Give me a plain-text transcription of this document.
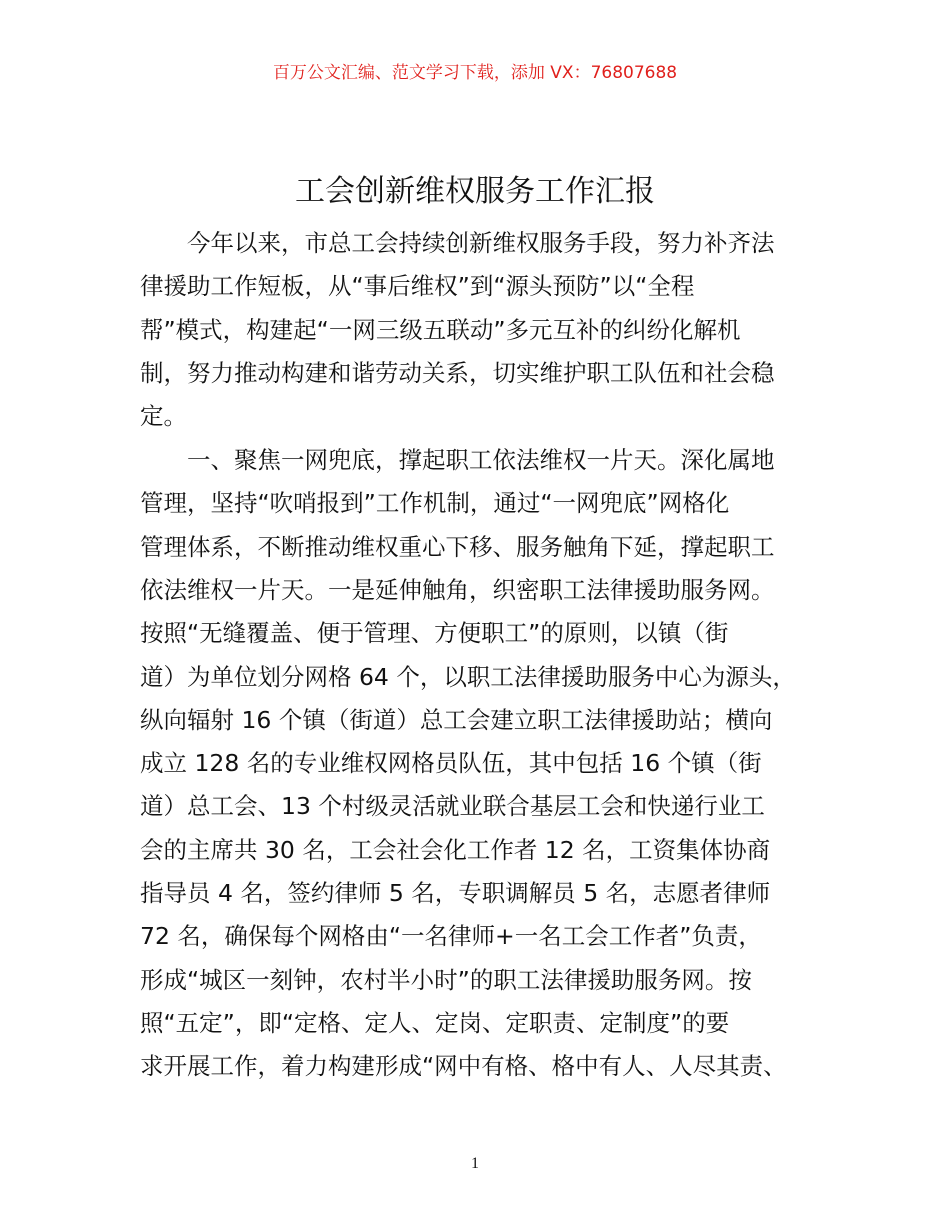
百万公文汇编、范文学习下载，添加 VX：76807688
工会创新维权服务工作汇报
　　今年以来，市总工会持续创新维权服务手段，努力补齐法
律援助工作短板，从“事后维权”到“源头预防”以“全程
帮”模式，构建起“一网三级五联动”多元互补的纠纷化解机
制，努力推动构建和谐劳动关系，切实维护职工队伍和社会稳
定。
　　一、聚焦一网兜底，撑起职工依法维权一片天。深化属地
管理，坚持“吹哨报到”工作机制，通过“一网兜底”网格化
管理体系，不断推动维权重心下移、服务触角下延，撑起职工
依法维权一片天。一是延伸触角，织密职工法律援助服务网。
按照“无缝覆盖、便于管理、方便职工”的原则，以镇（街
道）为单位划分网格 64 个，以职工法律援助服务中心为源头，
纵向辐射 16 个镇（街道）总工会建立职工法律援助站；横向
成立 128 名的专业维权网格员队伍，其中包括 16 个镇（街
道）总工会、13 个村级灵活就业联合基层工会和快递行业工
会的主席共 30 名，工会社会化工作者 12 名，工资集体协商
指导员 4 名，签约律师 5 名，专职调解员 5 名，志愿者律师
72 名，确保每个网格由“一名律师+一名工会工作者”负责，
形成“城区一刻钟，农村半小时”的职工法律援助服务网。按
照“五定”，即“定格、定人、定岗、定职责、定制度”的要
求开展工作，着力构建形成“网中有格、格中有人、人尽其责、
1
